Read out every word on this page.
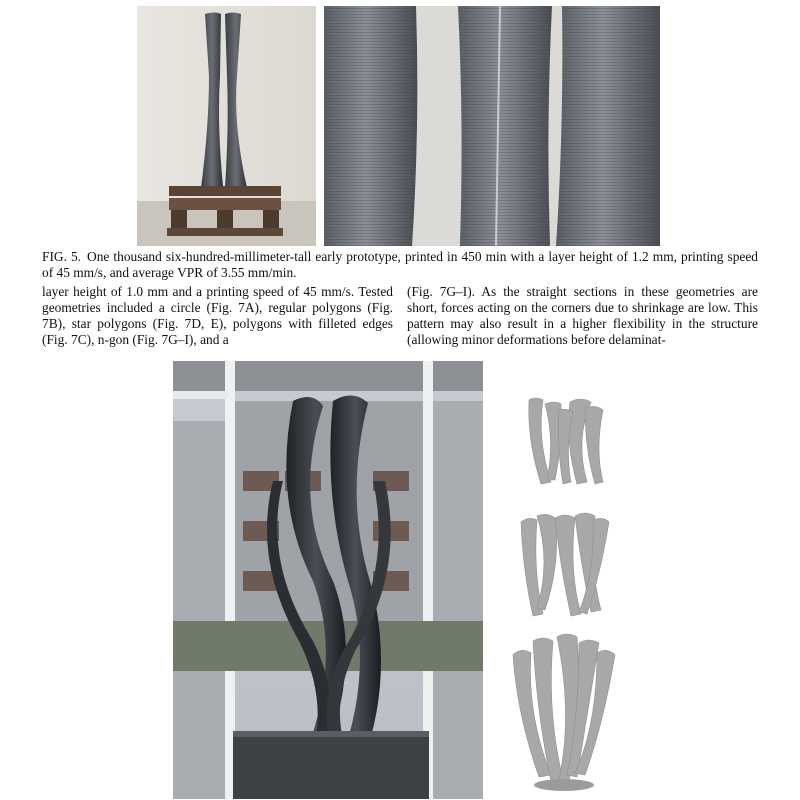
FIG. 5. One thousand six-hundred-millimeter-tall early prototype, printed in 450 min with a layer height of 1.2 mm, printing speed of 45 mm/s, and average VPR of 3.55 mm/min.
layer height of 1.0 mm and a printing speed of 45 mm/s. Tested geometries included a circle (Fig. 7A), regular polygons (Fig. 7B), star polygons (Fig. 7D, E), polygons with filleted edges (Fig. 7C), n-gon (Fig. 7G–I), and a
(Fig. 7G–I). As the straight sections in these geometries are short, forces acting on the corners due to shrinkage are low. This pattern may also result in a higher flexibility in the structure (allowing minor deformations before delaminat-
